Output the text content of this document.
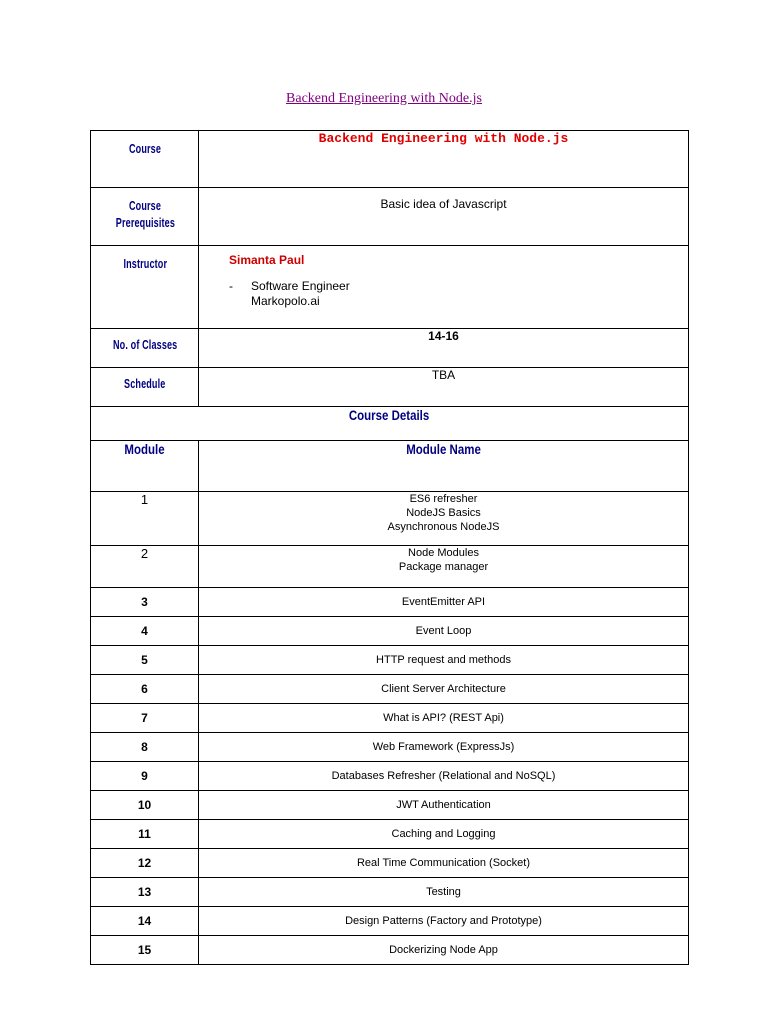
Backend Engineering with Node.js
Course	Backend Engineering with Node.js
Course
Prerequisites	Basic idea of Javascript
Instructor	Simanta Paul
- Software Engineer
Markopolo.ai

No. of Classes	14-16
Schedule	TBA
Course Details	
Module	Module Name
1	ES6 refresher
NodeJS Basics
Asynchronous NodeJS
2	Node Modules
Package manager
3	EventEmitter API
4	Event Loop
5	HTTP request and methods
6	Client Server Architecture
7	What is API? (REST Api)
8	Web Framework (ExpressJs)
9	Databases Refresher (Relational and NoSQL)
10	JWT Authentication
11	Caching and Logging
12	Real Time Communication (Socket)
13	Testing
14	Design Patterns (Factory and Prototype)
15	Dockerizing Node App
